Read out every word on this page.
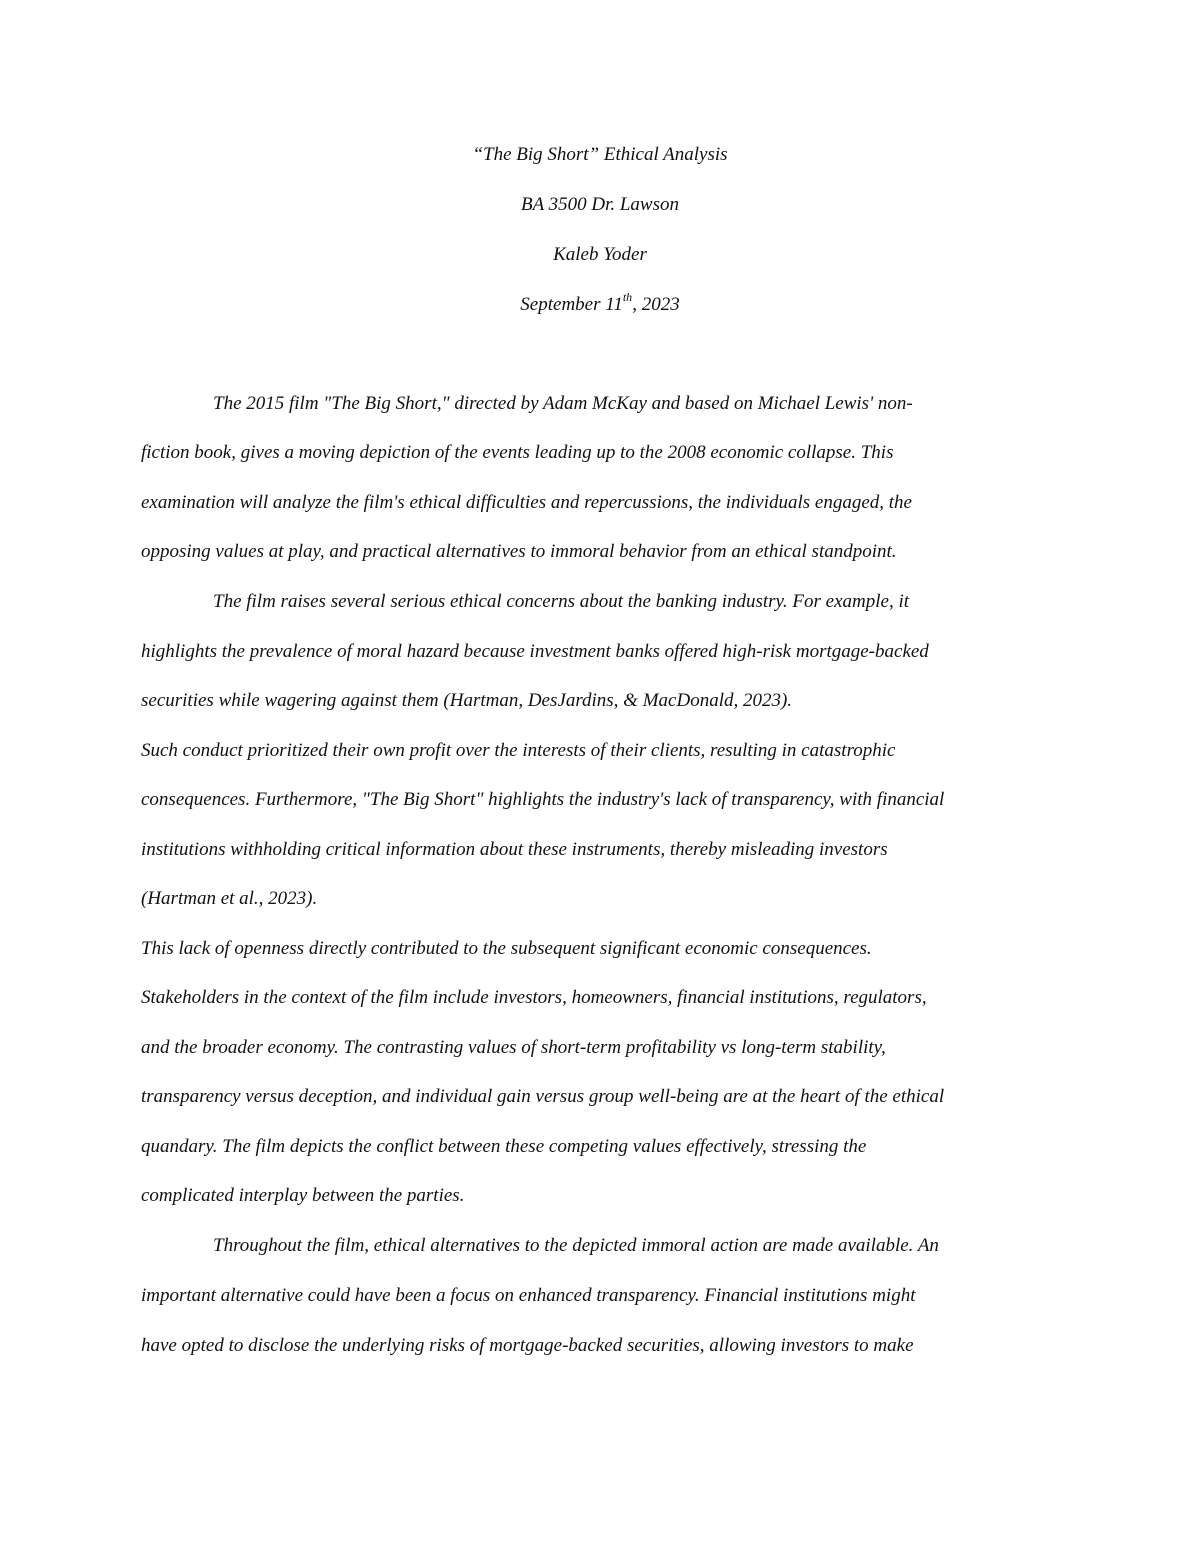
“The Big Short” Ethical Analysis
BA 3500 Dr. Lawson
Kaleb Yoder
September 11th, 2023
The 2015 film "The Big Short," directed by Adam McKay and based on Michael Lewis' non-
fiction book, gives a moving depiction of the events leading up to the 2008 economic collapse. This
examination will analyze the film's ethical difficulties and repercussions, the individuals engaged, the
opposing values at play, and practical alternatives to immoral behavior from an ethical standpoint.
The film raises several serious ethical concerns about the banking industry. For example, it
highlights the prevalence of moral hazard because investment banks offered high-risk mortgage-backed
securities while wagering against them (Hartman, DesJardins, & MacDonald, 2023).
Such conduct prioritized their own profit over the interests of their clients, resulting in catastrophic
consequences. Furthermore, "The Big Short" highlights the industry's lack of transparency, with financial
institutions withholding critical information about these instruments, thereby misleading investors
(Hartman et al., 2023).
This lack of openness directly contributed to the subsequent significant economic consequences.
Stakeholders in the context of the film include investors, homeowners, financial institutions, regulators,
and the broader economy. The contrasting values of short-term profitability vs long-term stability,
transparency versus deception, and individual gain versus group well-being are at the heart of the ethical
quandary. The film depicts the conflict between these competing values effectively, stressing the
complicated interplay between the parties.
Throughout the film, ethical alternatives to the depicted immoral action are made available. An
important alternative could have been a focus on enhanced transparency. Financial institutions might
have opted to disclose the underlying risks of mortgage-backed securities, allowing investors to make
